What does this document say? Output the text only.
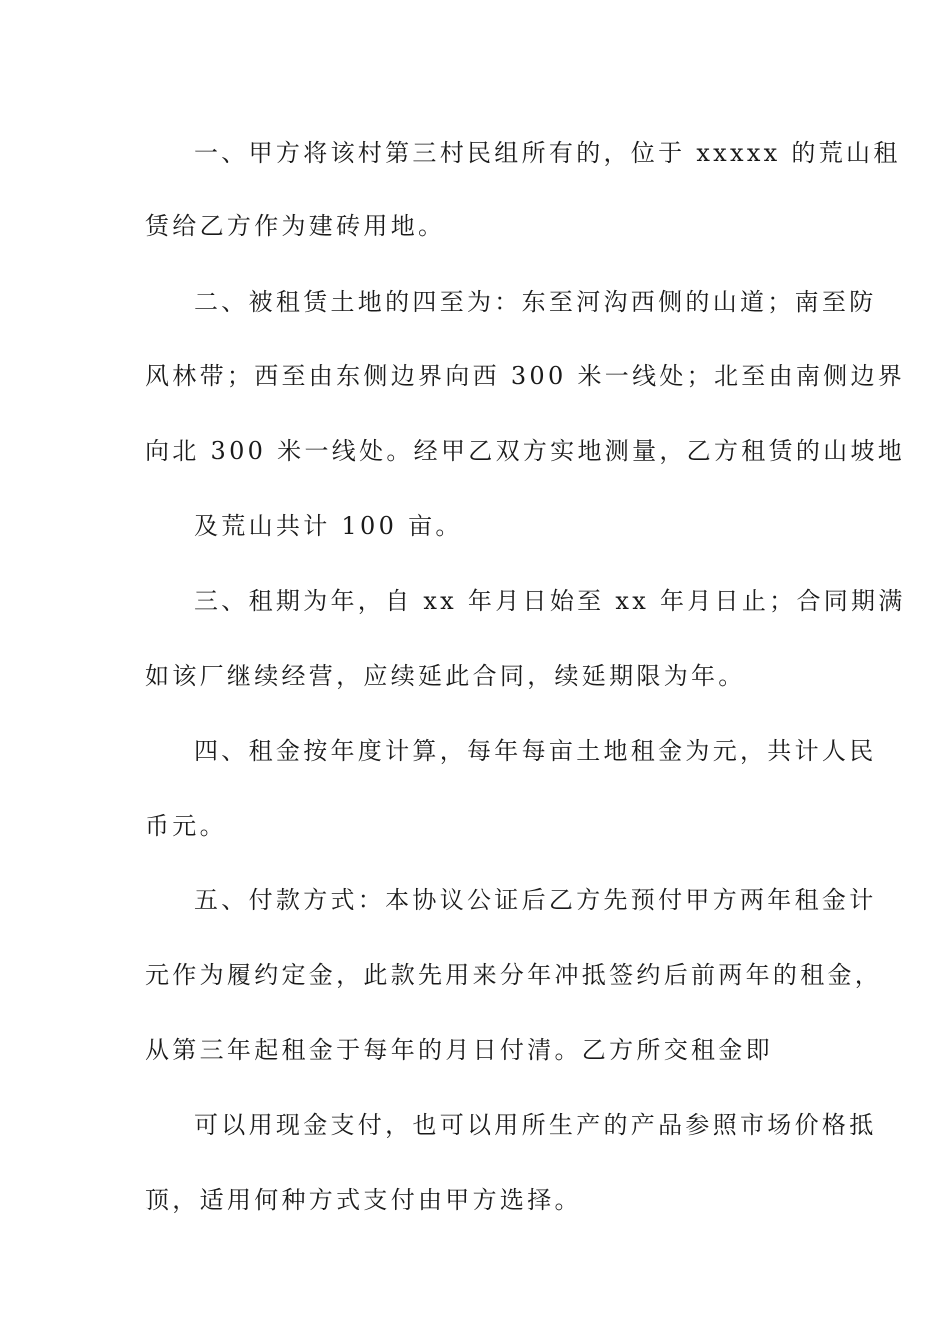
一、甲方将该村第三村民组所有的，位于 xxxxx 的荒山租
赁给乙方作为建砖用地。
二、被租赁土地的四至为：东至河沟西侧的山道；南至防
风林带；西至由东侧边界向西 300 米一线处；北至由南侧边界
向北 300 米一线处。经甲乙双方实地测量，乙方租赁的山坡地
及荒山共计 100 亩。
三、租期为年，自 xx 年月日始至 xx 年月日止；合同期满
如该厂继续经营，应续延此合同，续延期限为年。
四、租金按年度计算，每年每亩土地租金为元，共计人民
币元。
五、付款方式：本协议公证后乙方先预付甲方两年租金计
元作为履约定金，此款先用来分年冲抵签约后前两年的租金，
从第三年起租金于每年的月日付清。乙方所交租金即
可以用现金支付，也可以用所生产的产品参照市场价格抵
顶，适用何种方式支付由甲方选择。
